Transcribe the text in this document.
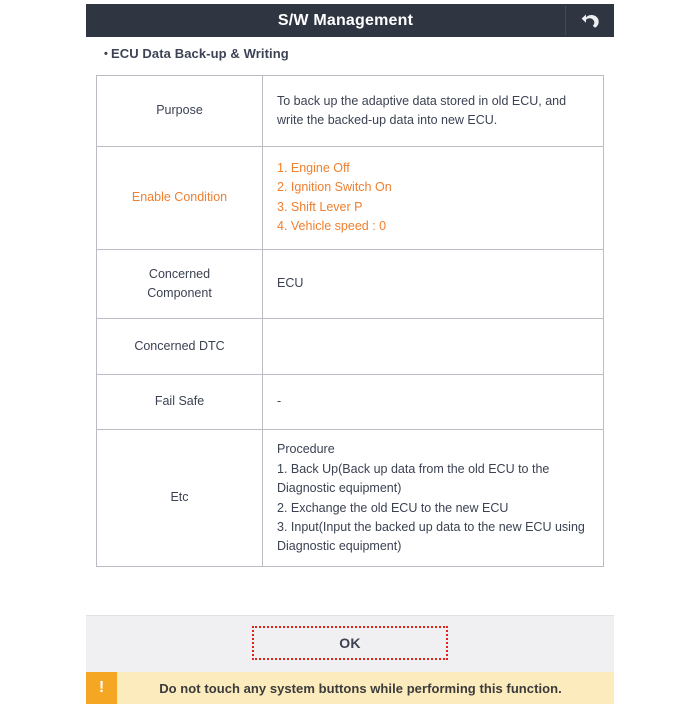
S/W Management
• ECU Data Back-up & Writing
Purpose	To back up the adaptive data stored in old ECU, and
write the backed-up data into new ECU.

Enable Condition	1. Engine Off
2. Ignition Switch On
3. Shift Lever P
4. Vehicle speed : 0

Concerned
Component	ECU

Concerned DTC	

Fail Safe	-

Etc	Procedure
1. Back Up(Back up data from the old ECU to the Diagnostic equipment)
2. Exchange the old ECU to the new ECU
3. Input(Input the backed up data to the new ECU using Diagnostic equipment)
OK
!	Do not touch any system buttons while performing this function.
